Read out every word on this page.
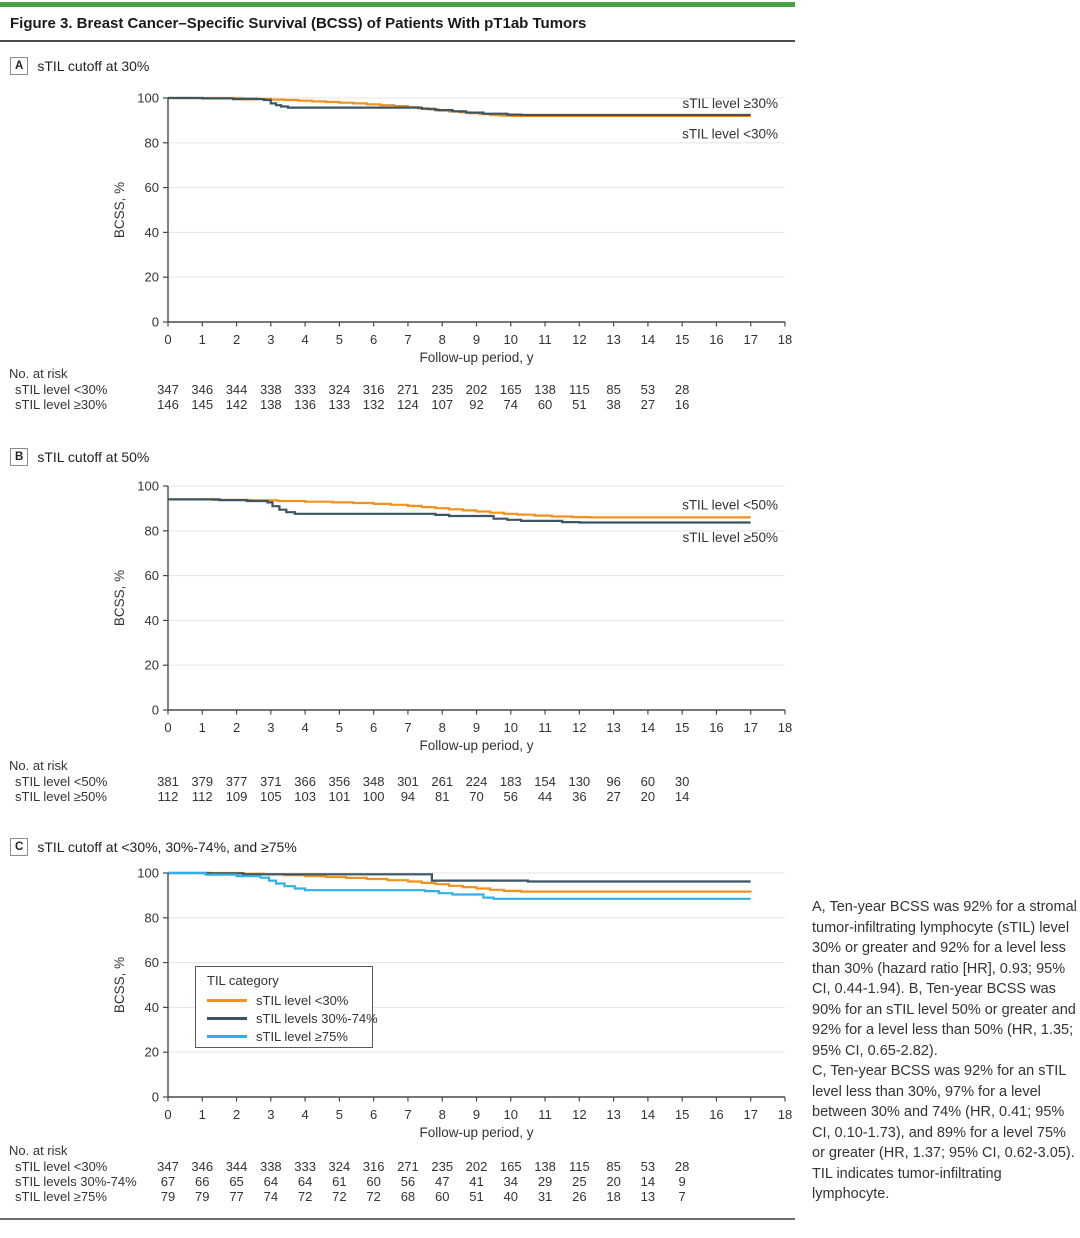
Figure 3. Breast Cancer–Specific Survival (BCSS) of Patients With pT1ab Tumors
A	sTIL cutoff at 30%
0
20
40
60
80
100
0 1 2 3 4 5 6 7 8 9 10 11 12 13 14 15 16 17 18
Follow-up period, y
BCSS, %
sTIL level ≥30%
sTIL level <30%
No. at risk
sTIL level <30%	347 346 344 338 333 324 316 271 235 202 165 138	115	85	53	28
sTIL level ≥30%	146 145 142 138 136 133 132 124 107	92	74	60	51	38	27	16
B	sTIL cutoff at 50%
0
20
40
60
80
100
0 1 2 3 4 5 6 7 8 9 10 11 12 13 14 15 16 17 18
Follow-up period, y
BCSS, %
sTIL level <50%
sTIL level ≥50%
No. at risk
sTIL level <50%	381 379 377 371 366 356 348 301 261 224 183 154 130	96	60	30
sTIL level ≥50%	112	112	109 105 103 101 100	94	81	70	56	44	36	27	20	14
C	sTIL cutoff at <30%, 30%-74%, and ≥75%
0
20
40
60
80
100
0 1 2 3 4 5 6 7 8 9 10 11 12 13 14 15 16 17 18
Follow-up period, y
BCSS, %
No. at risk
sTIL level <30%	347 346 344 338 333 324 316 271 235 202 165 138	115	85	53	28
sTIL levels 30%-74%	67	66	65	64	64	61	60	56	47	41	34	29	25	20	14	9
sTIL level ≥75%	79	79	77	74	72	72	72	68	60	51	40	31	26	18	13	7
TIL category
sTIL level <30%
sTIL levels 30%-74%
sTIL level ≥75%

A, Ten-year BCSS was 92% for a stromal tumor-infiltrating lymphocyte (sTIL) level 30% or greater and 92% for a level less than 30% (hazard ratio [HR], 0.93; 95% CI, 0.44-1.94). B, Ten-year BCSS was 90% for an sTIL level 50% or greater and 92% for a level less than 50% (HR, 1.35; 95% CI, 0.65-2.82).

C, Ten-year BCSS was 92% for an sTIL level less than 30%, 97% for a level between 30% and 74% (HR, 0.41; 95% CI, 0.10-1.73), and 89% for a level 75% or greater (HR, 1.37; 95% CI, 0.62-3.05). TIL indicates tumor-infiltrating lymphocyte.
